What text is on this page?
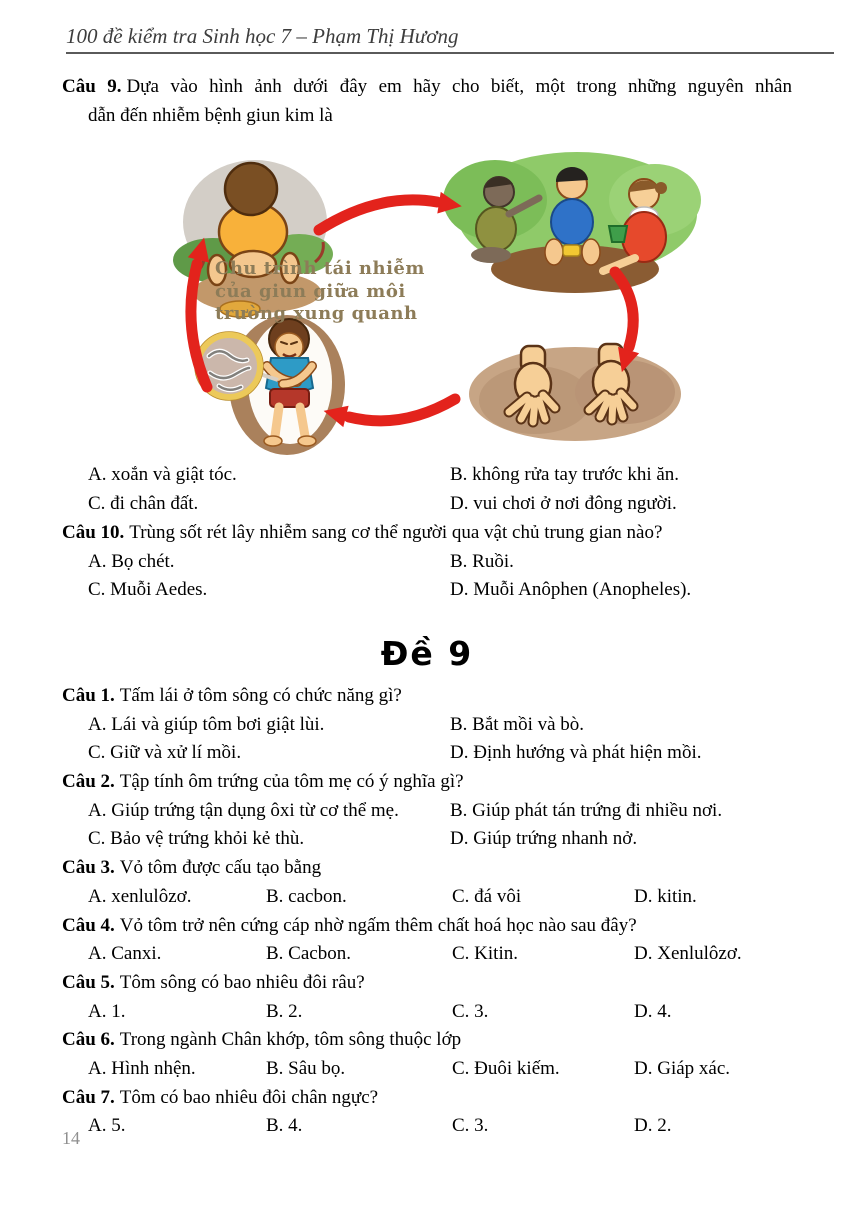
100 đề kiểm tra Sinh học 7 – Phạm Thị Hương

Câu 9. Dựa vào hình ảnh dưới đây em hãy cho biết, một trong những nguyên nhân
dẫn đến nhiễm bệnh giun kim là

Chu trình tái nhiễm
của giun giữa môi
trường xung quanh
A. xoắn và giật tóc.	B. không rửa tay trước khi ăn.
C. đi chân đất.	D. vui chơi ở nơi đông người.

Câu 10. Trùng sốt rét lây nhiễm sang cơ thể người qua vật chủ trung gian nào?

A. Bọ chét.	B. Ruồi.
C. Muỗi Aedes.	D. Muỗi Anôphen (Anopheles).
Đề 9

Câu 1. Tấm lái ở tôm sông có chức năng gì?

A. Lái và giúp tôm bơi giật lùi.	B. Bắt mồi và bò.
C. Giữ và xử lí mồi.	D. Định hướng và phát hiện mồi.

Câu 2. Tập tính ôm trứng của tôm mẹ có ý nghĩa gì?

A. Giúp trứng tận dụng ôxi từ cơ thể mẹ.	B. Giúp phát tán trứng đi nhiều nơi.
C. Bảo vệ trứng khỏi kẻ thù.	D. Giúp trứng nhanh nở.

Câu 3. Vỏ tôm được cấu tạo bằng

A. xenlulôzơ.	B. cacbon.	C. đá vôi	D. kitin.

Câu 4. Vỏ tôm trở nên cứng cáp nhờ ngấm thêm chất hoá học nào sau đây?

A. Canxi.	B. Cacbon.	C. Kitin.	D. Xenlulôzơ.

Câu 5. Tôm sông có bao nhiêu đôi râu?

A. 1.	B. 2.	C. 3.	D. 4.

Câu 6. Trong ngành Chân khớp, tôm sông thuộc lớp

A. Hình nhện.	B. Sâu bọ.	C. Đuôi kiếm.	D. Giáp xác.

Câu 7. Tôm có bao nhiêu đôi chân ngực?

A. 5.	B. 4.	C. 3.	D. 2.
14
